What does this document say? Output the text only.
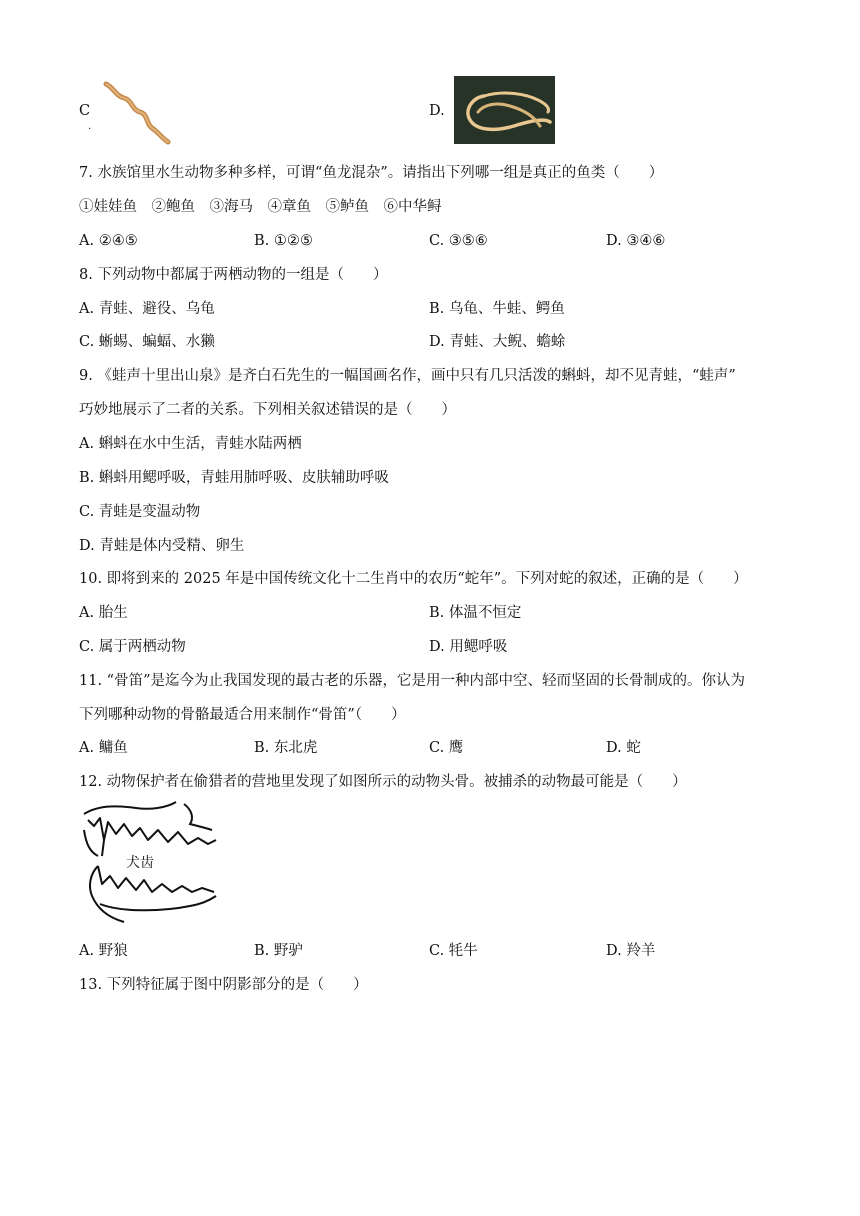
C
.
D.
7. 水族馆里水生动物多种多样，可谓“鱼龙混杂”。请指出下列哪一组是真正的鱼类（　　）
①娃娃鱼　②鲍鱼　③海马　④章鱼　⑤鲈鱼　⑥中华鲟
A. ②④⑤	B. ①②⑤	C. ③⑤⑥	D. ③④⑥
8. 下列动物中都属于两栖动物的一组是（　　）
A. 青蛙、避役、乌龟	B. 乌龟、牛蛙、鳄鱼
C. 蜥蜴、蝙蝠、水獭	D. 青蛙、大鲵、蟾蜍
9. 《蛙声十里出山泉》是齐白石先生的一幅国画名作，画中只有几只活泼的蝌蚪，却不见青蛙，“蛙声”
巧妙地展示了二者的关系。下列相关叙述错误的是（　　）
A. 蝌蚪在水中生活，青蛙水陆两栖
B. 蝌蚪用鳃呼吸，青蛙用肺呼吸、皮肤辅助呼吸
C. 青蛙是变温动物
D. 青蛙是体内受精、卵生
10. 即将到来的 2025 年是中国传统文化十二生肖中的农历“蛇年”。下列对蛇的叙述，正确的是（　　）
A. 胎生	B. 体温不恒定
C. 属于两栖动物	D. 用鳃呼吸
11. “骨笛”是迄今为止我国发现的最古老的乐器，它是用一种内部中空、轻而坚固的长骨制成的。你认为
下列哪种动物的骨骼最适合用来制作“骨笛”（　　）
A. 鳙鱼	B. 东北虎	C. 鹰	D. 蛇
12. 动物保护者在偷猎者的营地里发现了如图所示的动物头骨。被捕杀的动物最可能是（　　）
犬齿
A. 野狼	B. 野驴	C. 牦牛	D. 羚羊
13. 下列特征属于图中阴影部分的是（　　）
